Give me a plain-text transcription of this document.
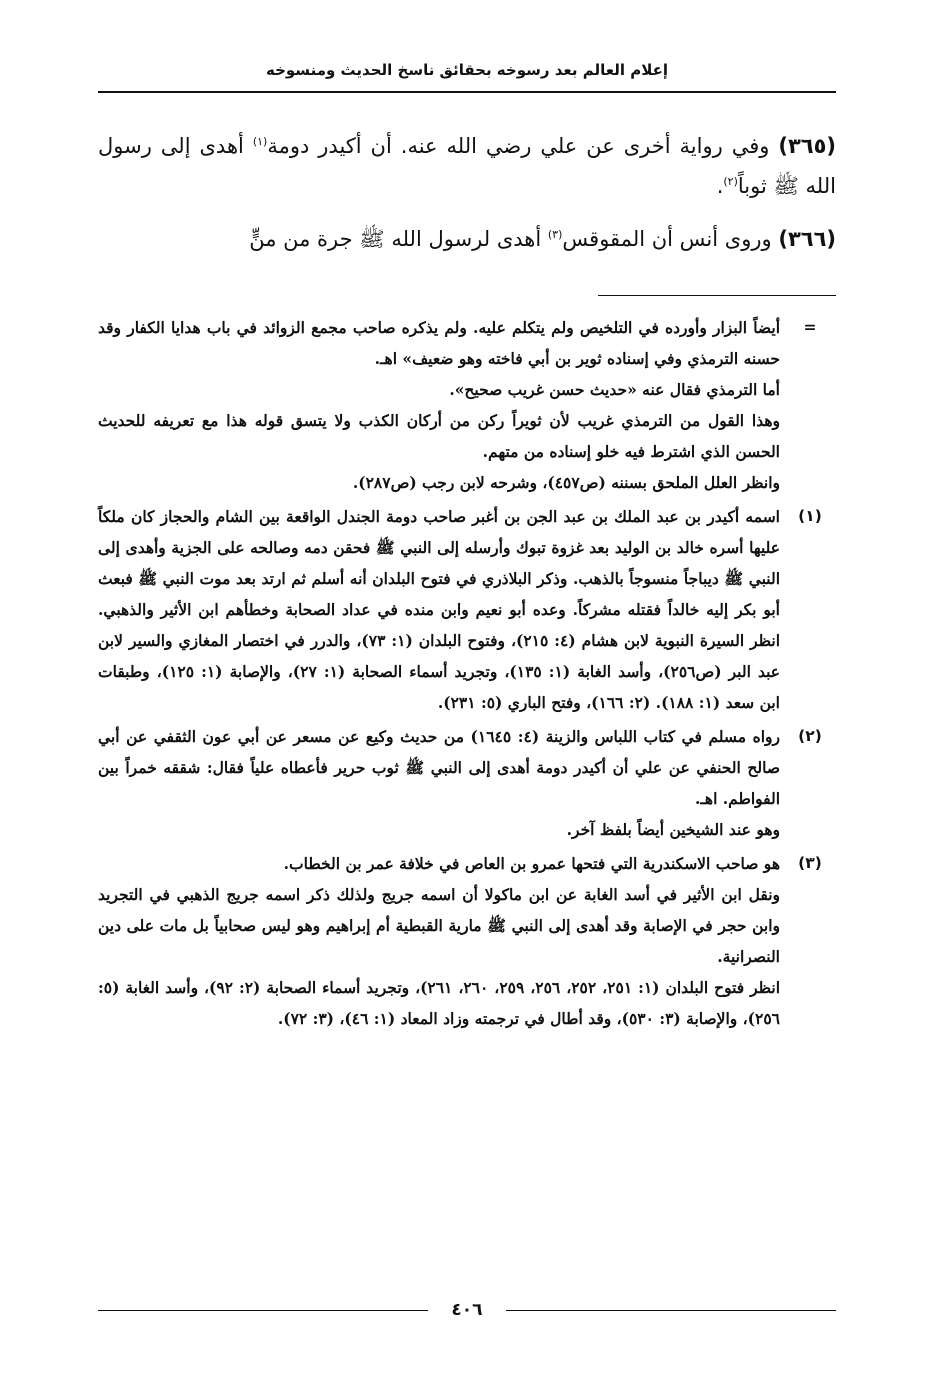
إعلام العالم بعد رسوخه بحقائق ناسخ الحديث ومنسوخه

(٣٦٥) وفي رواية أخرى عن علي رضي الله عنه. أن أكيدر دومة$^{(١)}$ أهدى إلى رسول الله ﷺ ثوباً$^{(٢)}$.

(٣٦٦) وروى أنس أن المقوقس$^{(٣)}$ أهدى لرسول الله ﷺ جرة من منٍّ

=
أيضاً البزار وأورده في التلخيص ولم يتكلم عليه. ولم يذكره صاحب مجمع الزوائد في باب هدايا الكفار وقد حسنه الترمذي وفي إسناده ثوير بن أبي فاخته وهو ضعيف» اهـ.
أما الترمذي فقال عنه «حديث حسن غريب صحيح».
وهذا القول من الترمذي غريب لأن ثويراً ركن من أركان الكذب ولا يتسق قوله هذا مع تعريفه للحديث الحسن الذي اشترط فيه خلو إسناده من متهم.
وانظر العلل الملحق بسننه (ص٤٥٧)، وشرحه لابن رجب (ص٢٨٧).
(١)
اسمه أكيدر بن عبد الملك بن عبد الجن بن أغبر صاحب دومة الجندل الواقعة بين الشام والحجاز كان ملكاً عليها أسره خالد بن الوليد بعد غزوة تبوك وأرسله إلى النبي ﷺ فحقن دمه وصالحه على الجزية وأهدى إلى النبي ﷺ ديباجاً منسوجاً بالذهب. وذكر البلاذري في فتوح البلدان أنه أسلم ثم ارتد بعد موت النبي ﷺ فبعث أبو بكر إليه خالداً فقتله مشركاً. وعده أبو نعيم وابن منده في عداد الصحابة وخطأهم ابن الأثير والذهبي. انظر السيرة النبوية لابن هشام (٤: ٢١٥)، وفتوح البلدان (١: ٧٣)، والدرر في اختصار المغازي والسير لابن عبد البر (ص٢٥٦)، وأسد الغابة (١: ١٣٥)، وتجريد أسماء الصحابة (١: ٢٧)، والإصابة (١: ١٢٥)، وطبقات ابن سعد (١: ١٨٨). (٢: ١٦٦)، وفتح الباري (٥: ٢٣١).
(٢)
رواه مسلم في كتاب اللباس والزينة (٤: ١٦٤٥) من حديث وكيع عن مسعر عن أبي عون الثقفي عن أبي صالح الحنفي عن علي أن أكيدر دومة أهدى إلى النبي ﷺ ثوب حرير فأعطاه علياً فقال: شققه خمراً بين الفواطم. اهـ.
وهو عند الشيخين أيضاً بلفظ آخر.
(٣)
هو صاحب الاسكندرية التي فتحها عمرو بن العاص في خلافة عمر بن الخطاب.
ونقل ابن الأثير في أسد الغابة عن ابن ماكولا أن اسمه جريج ولذلك ذكر اسمه جريج الذهبي في التجريد وابن حجر في الإصابة وقد أهدى إلى النبي ﷺ مارية القبطية أم إبراهيم وهو ليس صحابياً بل مات على دين النصرانية.
انظر فتوح البلدان (١: ٢٥١، ٢٥٢، ٢٥٦، ٢٥٩، ٢٦٠، ٢٦١)، وتجريد أسماء الصحابة (٢: ٩٢)، وأسد الغابة (٥: ٢٥٦)، والإصابة (٣: ٥٣٠)، وقد أطال في ترجمته وزاد المعاد (١: ٤٦)، (٣: ٧٢).
٤٠٦
